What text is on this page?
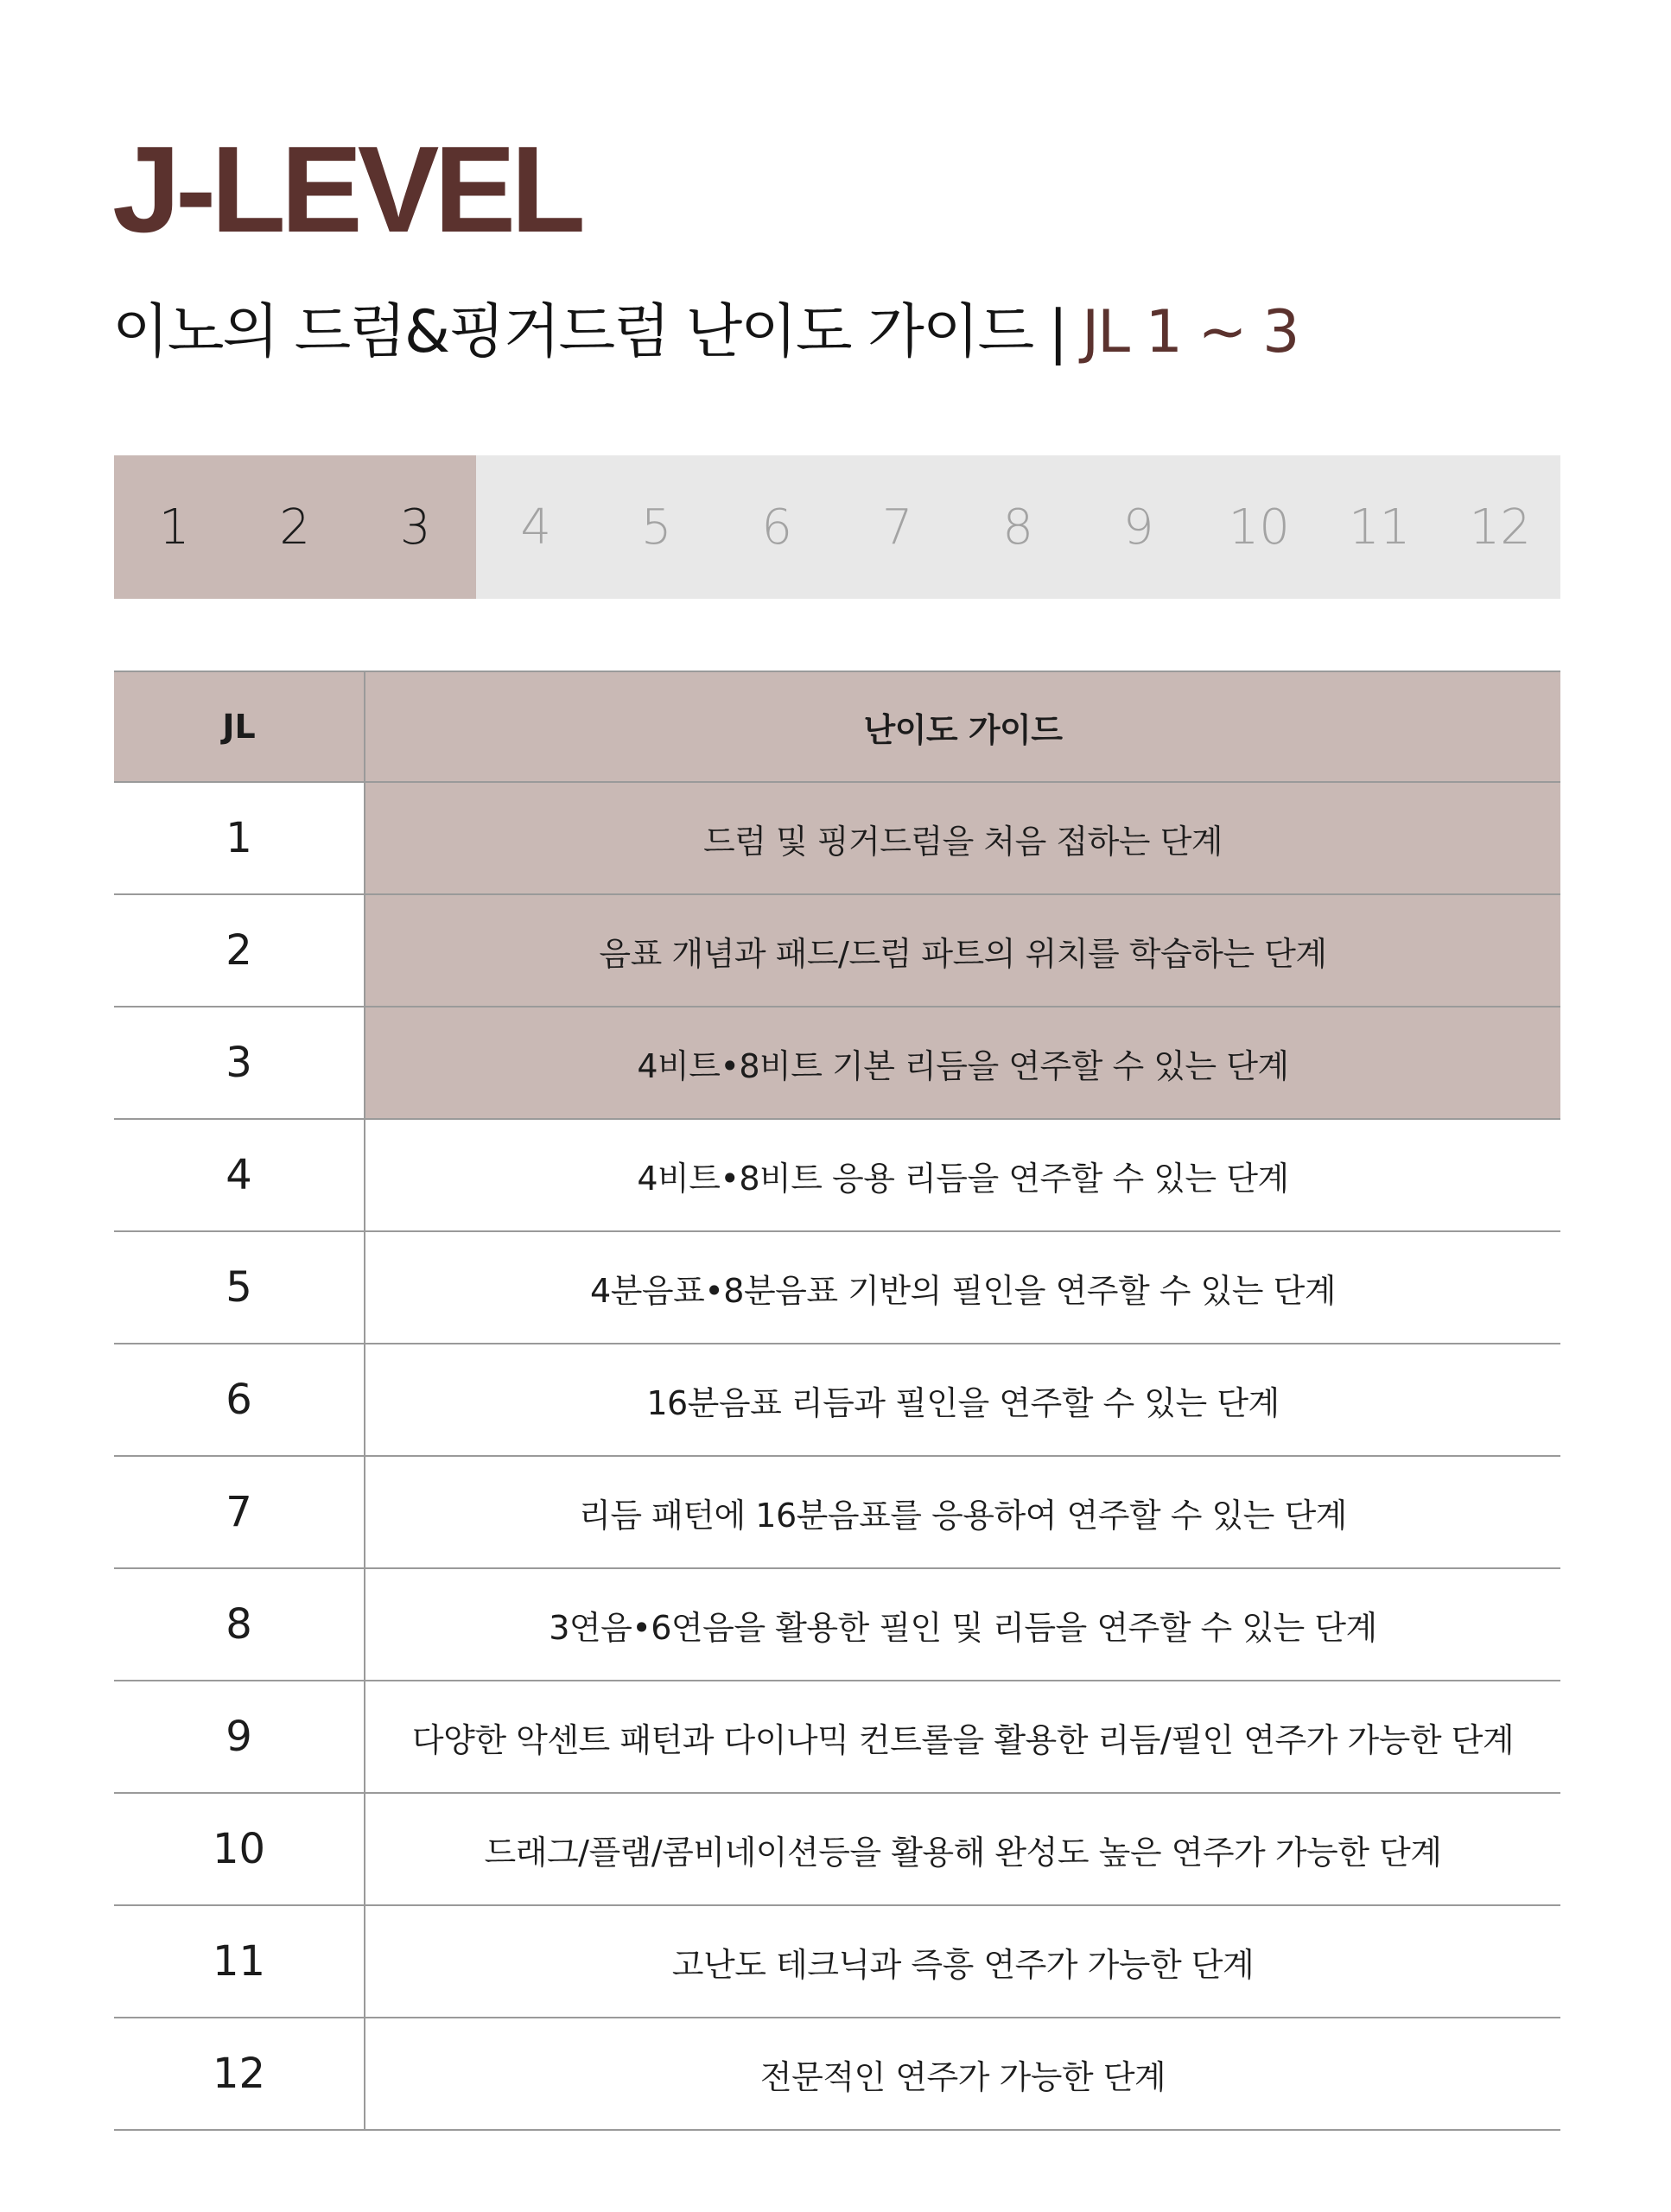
J-LEVEL
이노의 드럼&핑거드럼 난이도 가이드 | JL 1 ~ 3
1	2	3	4	5	6	7	8	9	10	11	12
JL	난이도 가이드
1	드럼 및 핑거드럼을 처음 접하는 단계
2	음표 개념과 패드/드럼 파트의 위치를 학습하는 단계
3	4비트•8비트 기본 리듬을 연주할 수 있는 단계
4	4비트•8비트 응용 리듬을 연주할 수 있는 단계
5	4분음표•8분음표 기반의 필인을 연주할 수 있는 단계
6	16분음표 리듬과 필인을 연주할 수 있는 단계
7	리듬 패턴에 16분음표를 응용하여 연주할 수 있는 단계
8	3연음•6연음을 활용한 필인 및 리듬을 연주할 수 있는 단계
9	다양한 악센트 패턴과 다이나믹 컨트롤을 활용한 리듬/필인 연주가 가능한 단계
10	드래그/플램/콤비네이션등을 활용해 완성도 높은 연주가 가능한 단계
11	고난도 테크닉과 즉흥 연주가 가능한 단계
12	전문적인 연주가 가능한 단계
